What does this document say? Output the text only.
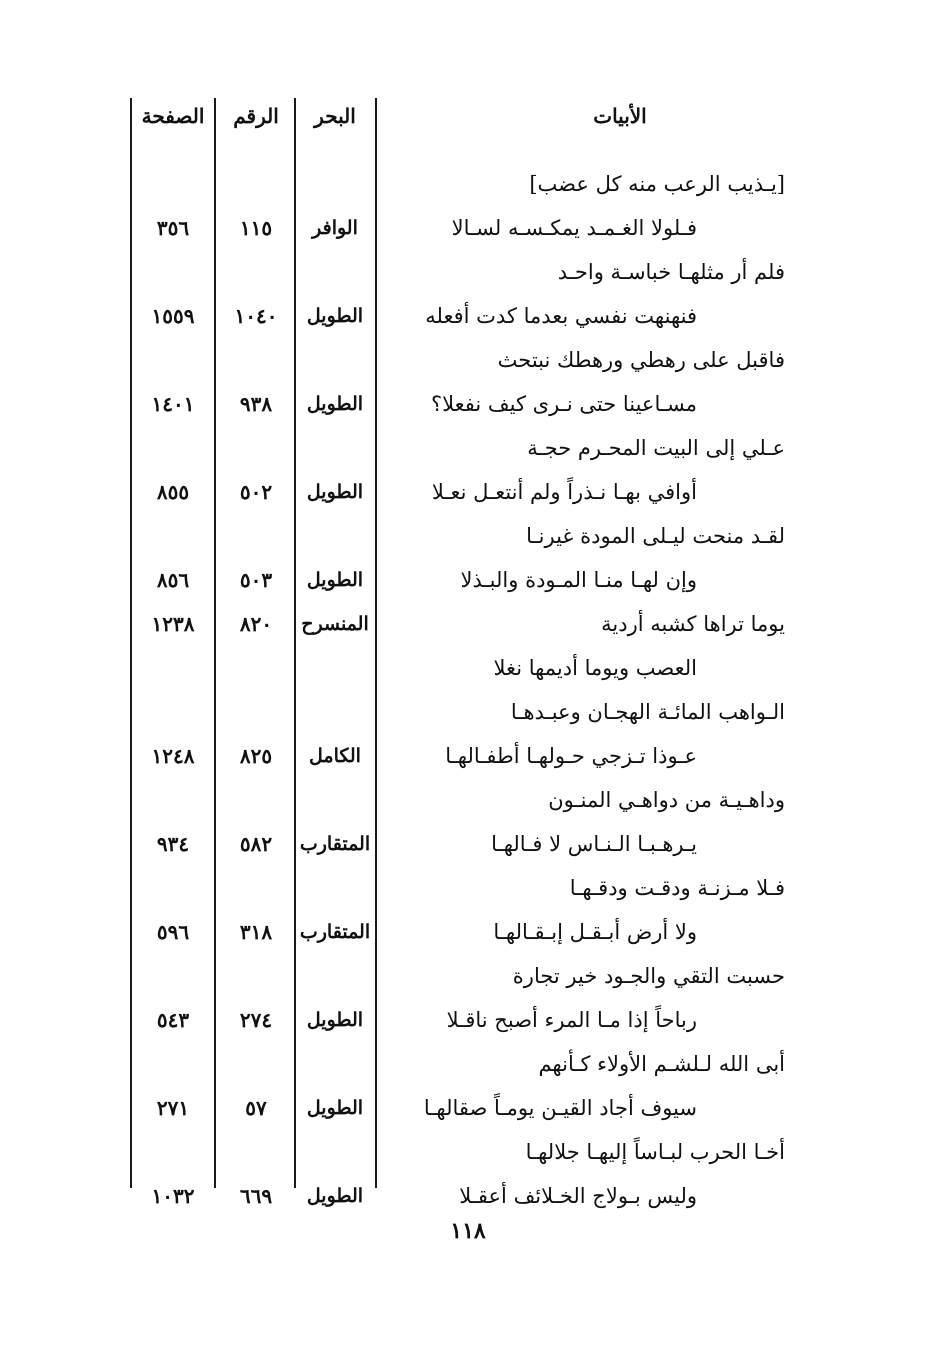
الأبيات
البحر
الرقم
الصفحة
[يـذيب الرعب منه كل عضب]
فـلولا الغـمـد يمكـسـه لسـالا
الوافر
١١٥
٣٥٦
فلم أر مثلهـا خباسـة واحـد
فنهنهت نفسي بعدما كدت أفعله
الطويل
١٠٤٠
١٥٥٩
فاقبل على رهطي ورهطك نبتحث
مسـاعينا حتى نـرى كيف نفعلا؟
الطويل
٩٣٨
١٤٠١
عـلي إلى البيت المحـرم حجـة
أوافي بهـا نـذراً ولم أنتعـل نعـلا
الطويل
٥٠٢
٨٥٥
لقـد منحت ليـلى المودة غيرنـا
وإن لهـا منـا المـودة والبـذلا
الطويل
٥٠٣
٨٥٦
يوما تراها كشبه أردية
المنسرح
٨٢٠
١٢٣٨
العصب ويوما أديمها نغلا
الـواهب المائـة الهجـان وعبـدهـا
عـوذا تـزجي حـولهـا أطفـالهـا
الكامل
٨٢٥
١٢٤٨
وداهـيـة من دواهـي المنـون
يـرهـبـا الـنـاس لا فـالهـا
المتقارب
٥٨٢
٩٣٤
فـلا مـزنـة ودقـت ودقـهـا
ولا أرض أبـقـل إبـقـالهـا
المتقارب
٣١٨
٥٩٦
حسبت التقي والجـود خير تجارة
رباحاً إذا مـا المرء أصبح ناقـلا
الطويل
٢٧٤
٥٤٣
أبى الله لـلشـم الأولاء كـأنهم
سيوف أجاد القيـن يومـاً صقالهـا
الطويل
٥٧
٢٧١
أخـا الحرب لبـاساً إليهـا جلالهـا
وليس بـولاج الخـلائف أعقـلا
الطويل
٦٦٩
١٠٣٢
١١٨
